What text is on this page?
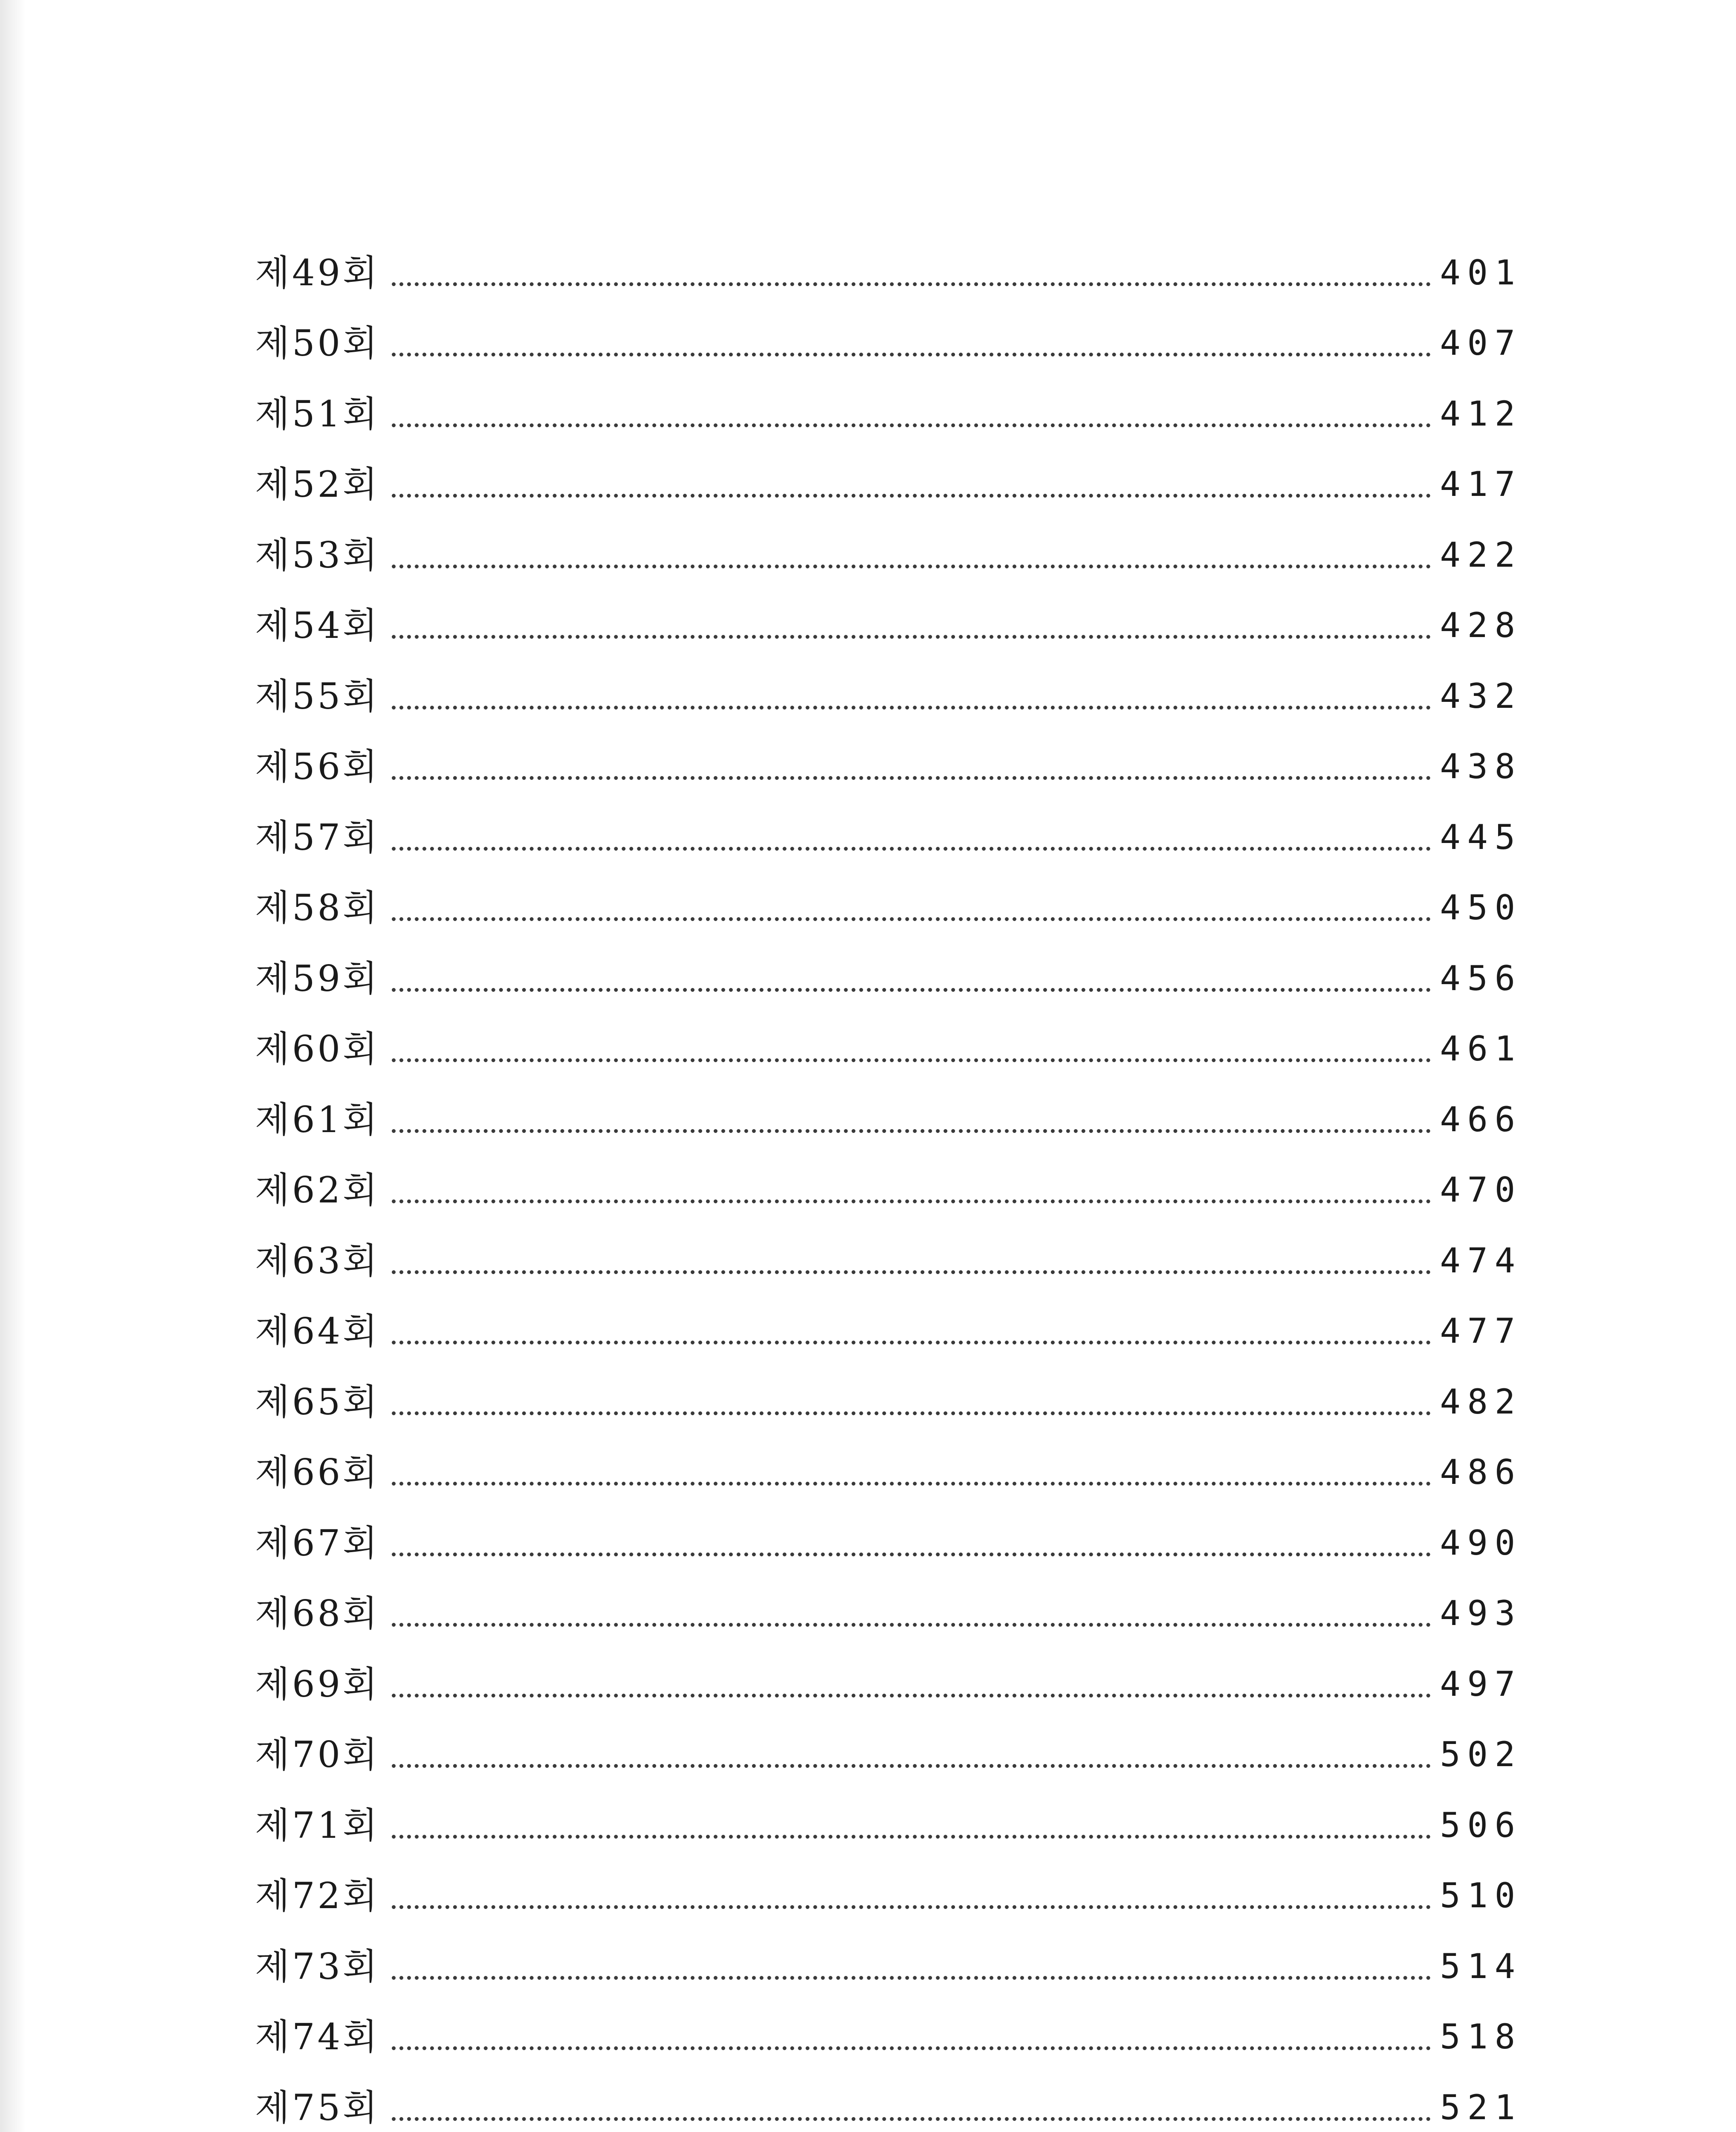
제49회	401
제50회	407
제51회	412
제52회	417
제53회	422
제54회	428
제55회	432
제56회	438
제57회	445
제58회	450
제59회	456
제60회	461
제61회	466
제62회	470
제63회	474
제64회	477
제65회	482
제66회	486
제67회	490
제68회	493
제69회	497
제70회	502
제71회	506
제72회	510
제73회	514
제74회	518
제75회	521
